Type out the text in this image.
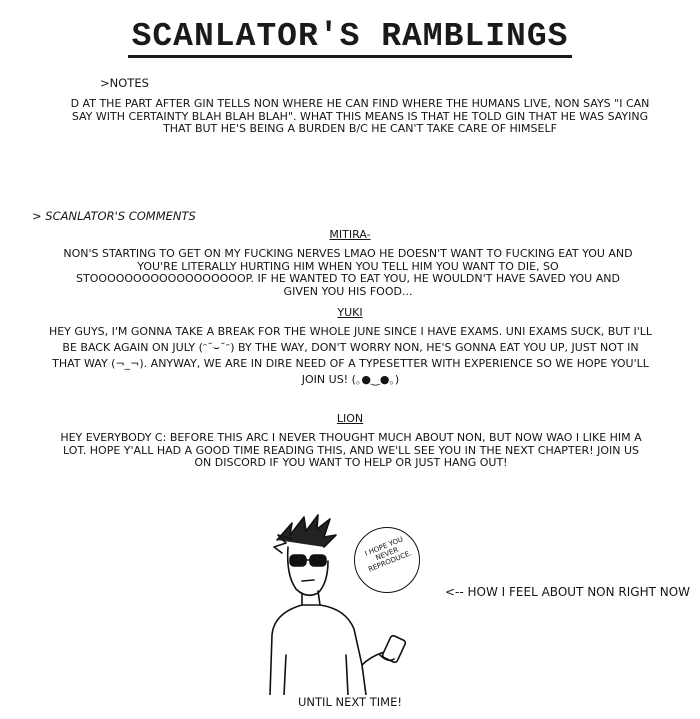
SCANLATOR'S RAMBLINGS
>NOTES
D AT THE PART AFTER GIN TELLS NON WHERE HE CAN FIND WHERE THE HUMANS LIVE, NON SAYS "I CAN SAY WITH CERTAINTY BLAH BLAH BLAH". WHAT THIS MEANS IS THAT HE TOLD GIN THAT HE WAS SAYING THAT BUT HE'S BEING A BURDEN B/C HE CAN'T TAKE CARE OF HIMSELF
> SCANLATOR'S COMMENTS
MITIRA-
NON'S STARTING TO GET ON MY FUCKING NERVES LMAO HE DOESN'T WANT TO FUCKING EAT YOU AND YOU'RE LITERALLY HURTING HIM WHEN YOU TELL HIM YOU WANT TO DIE, SO STOOOOOOOOOOOOOOOOOOP. IF HE WANTED TO EAT YOU, HE WOULDN'T HAVE SAVED YOU AND GIVEN YOU HIS FOOD...
YUKI
HEY GUYS, I'M GONNA TAKE A BREAK FOR THE WHOLE JUNE SINCE I HAVE EXAMS. UNI EXAMS SUCK, BUT I'LL BE BACK AGAIN ON JULY (ᵔ˘⌣˘ᵔ) BY THE WAY, DON'T WORRY NON, HE'S GONNA EAT YOU UP, JUST NOT IN THAT WAY (¬_¬). ANYWAY, WE ARE IN DIRE NEED OF A TYPESETTER WITH EXPERIENCE SO WE HOPE YOU'LL JOIN US! (｡●‿●｡)
LION
HEY EVERYBODY C: BEFORE THIS ARC I NEVER THOUGHT MUCH ABOUT NON, BUT NOW WAO I LIKE HIM A LOT. HOPE Y'ALL HAD A GOOD TIME READING THIS, AND WE'LL SEE YOU IN THE NEXT CHAPTER! JOIN US ON DISCORD IF YOU WANT TO HELP OR JUST HANG OUT!
I HOPE YOU NEVER REPRODUCE.
<-- HOW I FEEL ABOUT NON RIGHT NOW
UNTIL NEXT TIME!
